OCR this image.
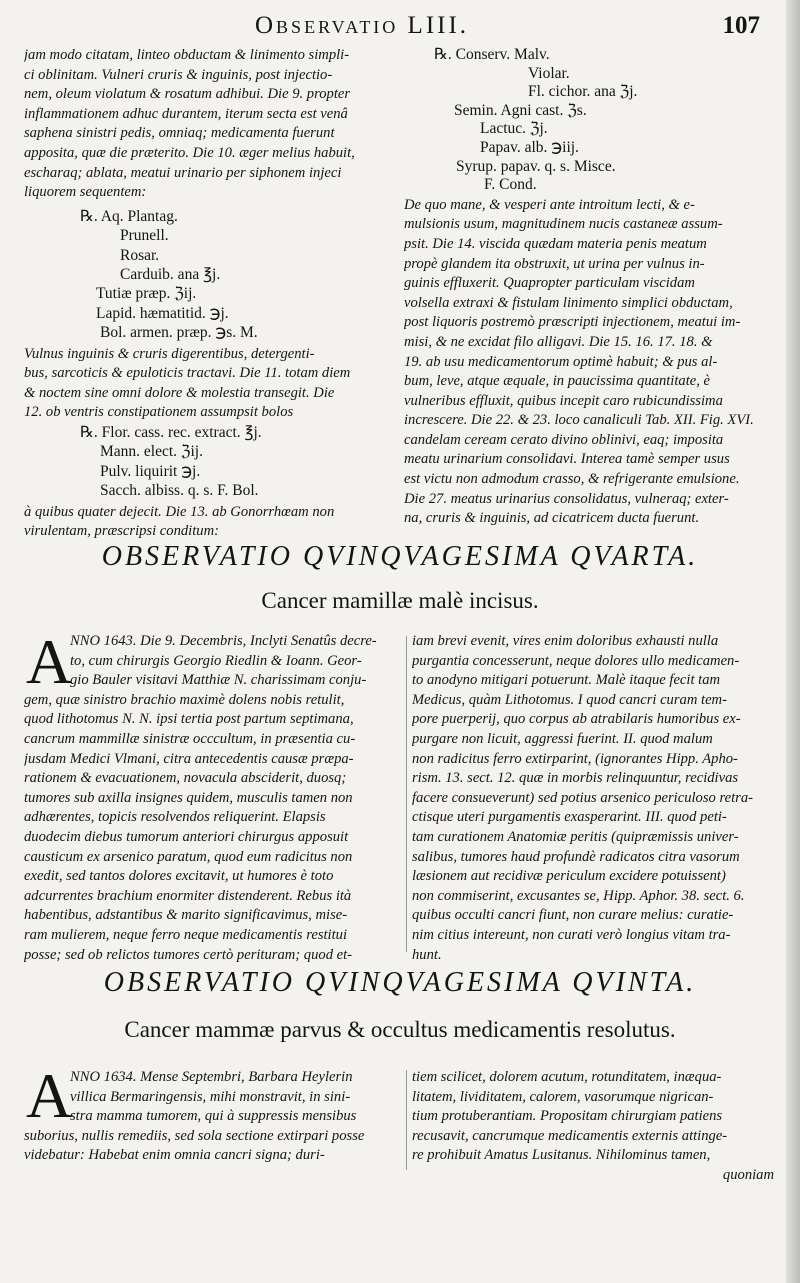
Observatio LIII.	107
jam modo citatam, linteo obductam & linimento simpli-
ci oblinitam. Vulneri cruris & inguinis, post injectio-
nem, oleum violatum & rosatum adhibui. Die 9. propter
inflammationem adhuc durantem, iterum secta est venâ
saphena sinistri pedis, omniaq; medicamenta fuerunt
apposita, quæ die præterito. Die 10. æger melius habuit,
escharaq; ablata, meatui urinario per siphonem injeci
liquorem sequentem:
℞. Aq. Plantag.
Prunell.
Rosar.
Carduib. ana ℥j.
Tutiæ præp. ℨij.
Lapid. hæmatitid. ℈j.
Bol. armen. præp. ℈s. M.
Vulnus inguinis & cruris digerentibus, detergenti-
bus, sarcoticis & epuloticis tractavi. Die 11. totam diem
& noctem sine omni dolore & molestia transegit. Die
12. ob ventris constipationem assumpsit bolos
℞. Flor. cass. rec. extract. ℥j.
Mann. elect. ℨij.
Pulv. liquirit ℈j.
Sacch. albiss. q. s. F. Bol.
à quibus quater dejecit. Die 13. ab Gonorrhœam non
virulentam, præscripsi conditum:
℞. Conserv. Malv.
Violar.
Fl. cichor. ana ℨj.
Semin. Agni cast. ℨs.
Lactuc. ℨj.
Papav. alb. ℈iij.
Syrup. papav. q. s. Misce.
F. Cond.
De quo mane, & vesperi ante introitum lecti, & e-
mulsionis usum, magnitudinem nucis castaneæ assum-
psit. Die 14. viscida quædam materia penis meatum
propè glandem ita obstruxit, ut urina per vulnus in-
guinis effluxerit. Quapropter particulam viscidam
volsella extraxi & fistulam linimento simplici obductam,
post liquoris postremò præscripti injectionem, meatui im-
misi, & ne excidat filo alligavi. Die 15. 16. 17. 18. &
19. ab usu medicamentorum optimè habuit; & pus al-
bum, leve, atque æquale, in paucissima quantitate, è
vulneribus effluxit, quibus incepit caro rubicundissima
increscere. Die 22. & 23. loco canaliculi Tab. XII. Fig. XVI.
candelam ceream cerato divino oblinivi, eaq; imposita
meatu urinarium consolidavi. Interea tamè semper usus
est victu non admodum crasso, & refrigerante emulsione.
Die 27. meatus urinarius consolidatus, vulneraq; exter-
na, cruris & inguinis, ad cicatricem ducta fuerunt.
OBSERVATIO QVINQVAGESIMA QVARTA.
Cancer mamillæ malè incisus.
A
NNO 1643. Die 9. Decembris, Inclyti Senatûs decre-
to, cum chirurgis Georgio Riedlin & Ioann. Geor-
gio Bauler visitavi Matthiæ N. charissimam conju-
gem, quæ sinistro brachio maximè dolens nobis retulit,
quod lithotomus N. N. ipsi tertia post partum septimana,
cancrum mammillæ sinistræ occcultum, in præsentia cu-
jusdam Medici Vlmani, citra antecedentis causæ præpa-
rationem & evacuationem, novacula absciderit, duosq;
tumores sub axilla insignes quidem, musculis tamen non
adhærentes, topicis resolvendos reliquerint. Elapsis
duodecim diebus tumorum anteriori chirurgus apposuit
causticum ex arsenico paratum, quod eum radicitus non
exedit, sed tantos dolores excitavit, ut humores è toto
adcurrentes brachium enormiter distenderent. Rebus ità
habentibus, adstantibus & marito significavimus, mise-
ram mulierem, neque ferro neque medicamentis restitui
posse; sed ob relictos tumores certò perituram; quod et-
iam brevi evenit, vires enim doloribus exhausti nulla
purgantia concesserunt, neque dolores ullo medicamen-
to anodyno mitigari potuerunt. Malè itaque fecit tam
Medicus, quàm Lithotomus. I quod cancri curam tem-
pore puerperij, quo corpus ab atrabilaris humoribus ex-
purgare non licuit, aggressi fuerint. II. quod malum
non radicitus ferro extirparint, (ignorantes Hipp. Apho-
rism. 13. sect. 12. quæ in morbis relinquuntur, recidivas
facere consueverunt) sed potius arsenico periculoso retra-
ctisque uteri purgamentis exasperarint. III. quod peti-
tam curationem Anatomiæ peritis (quipræmissis univer-
salibus, tumores haud profundè radicatos citra vasorum
læsionem aut recidivæ periculum excidere potuissent)
non commiserint, excusantes se, Hipp. Aphor. 38. sect. 6.
quibus occulti cancri fiunt, non curare melius: curatie-
nim citius intereunt, non curati verò longius vitam tra-
hunt.
OBSERVATIO QVINQVAGESIMA QVINTA.
Cancer mammæ parvus & occultus medicamentis resolutus.
A
NNO 1634. Mense Septembri, Barbara Heylerin
villica Bermaringensis, mihi monstravit, in sini-
stra mamma tumorem, qui à suppressis mensibus
suborius, nullis remediis, sed sola sectione extirpari posse
videbatur: Habebat enim omnia cancri signa; duri-
tiem scilicet, dolorem acutum, rotunditatem, inæqua-
litatem, lividitatem, calorem, vasorumque nigrican-
tium protuberantiam. Propositam chirurgiam patiens
recusavit, cancrumque medicamentis externis attinge-
re prohibuit Amatus Lusitanus. Nihilominus tamen,
quoniam
